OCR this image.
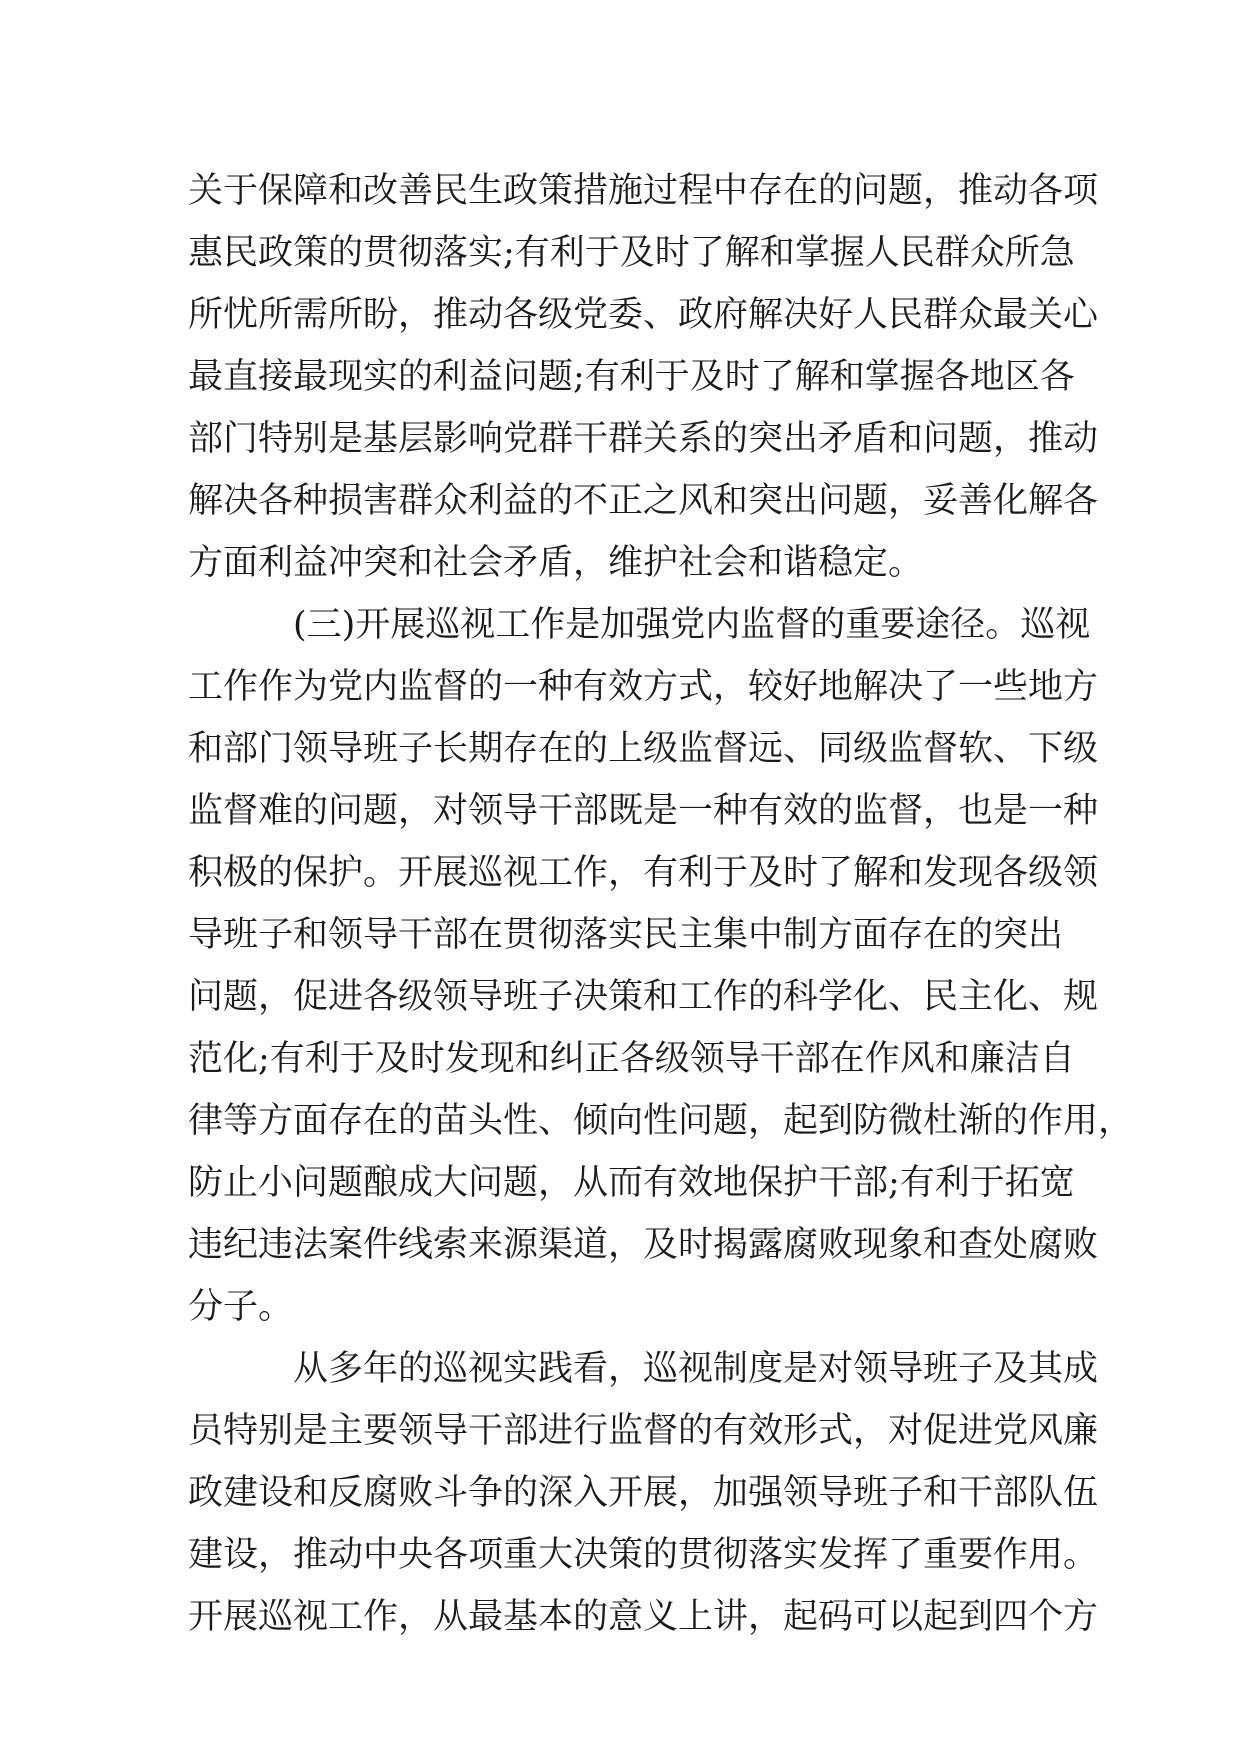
关于保障和改善民生政策措施过程中存在的问题，推动各项
惠民政策的贯彻落实;有利于及时了解和掌握人民群众所急
所忧所需所盼，推动各级党委、政府解决好人民群众最关心
最直接最现实的利益问题;有利于及时了解和掌握各地区各
部门特别是基层影响党群干群关系的突出矛盾和问题，推动
解决各种损害群众利益的不正之风和突出问题，妥善化解各
方面利益冲突和社会矛盾，维护社会和谐稳定。
(三)开展巡视工作是加强党内监督的重要途径。巡视
工作作为党内监督的一种有效方式，较好地解决了一些地方
和部门领导班子长期存在的上级监督远、同级监督软、下级
监督难的问题，对领导干部既是一种有效的监督，也是一种
积极的保护。开展巡视工作，有利于及时了解和发现各级领
导班子和领导干部在贯彻落实民主集中制方面存在的突出
问题，促进各级领导班子决策和工作的科学化、民主化、规
范化;有利于及时发现和纠正各级领导干部在作风和廉洁自
律等方面存在的苗头性、倾向性问题，起到防微杜渐的作用，
防止小问题酿成大问题，从而有效地保护干部;有利于拓宽
违纪违法案件线索来源渠道，及时揭露腐败现象和查处腐败
分子。
从多年的巡视实践看，巡视制度是对领导班子及其成
员特别是主要领导干部进行监督的有效形式，对促进党风廉
政建设和反腐败斗争的深入开展，加强领导班子和干部队伍
建设，推动中央各项重大决策的贯彻落实发挥了重要作用。
开展巡视工作，从最基本的意义上讲，起码可以起到四个方
